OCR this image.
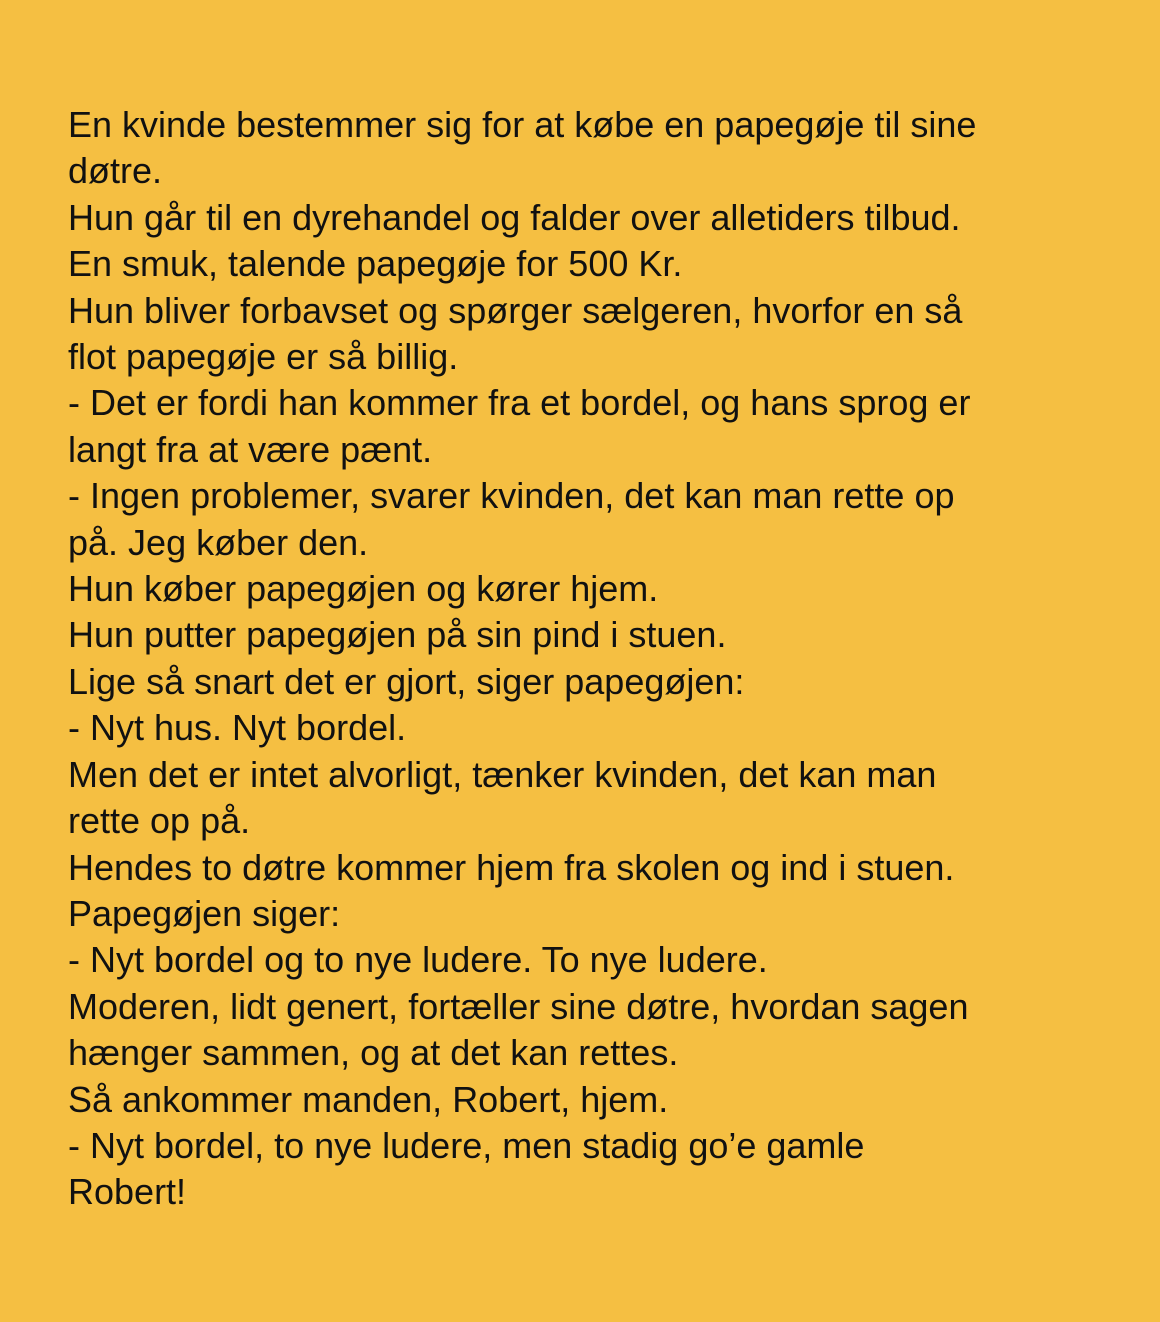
En kvinde bestemmer sig for at købe en papegøje til sine
døtre.
Hun går til en dyrehandel og falder over alletiders tilbud.
En smuk, talende papegøje for 500 Kr.
Hun bliver forbavset og spørger sælgeren, hvorfor en så
flot papegøje er så billig.
- Det er fordi han kommer fra et bordel, og hans sprog er
langt fra at være pænt.
- Ingen problemer, svarer kvinden, det kan man rette op
på. Jeg køber den.
Hun køber papegøjen og kører hjem.
Hun putter papegøjen på sin pind i stuen.
Lige så snart det er gjort, siger papegøjen:
- Nyt hus. Nyt bordel.
Men det er intet alvorligt, tænker kvinden, det kan man
rette op på.
Hendes to døtre kommer hjem fra skolen og ind i stuen.
Papegøjen siger:
- Nyt bordel og to nye ludere. To nye ludere.
Moderen, lidt genert, fortæller sine døtre, hvordan sagen
hænger sammen, og at det kan rettes.
Så ankommer manden, Robert, hjem.
- Nyt bordel, to nye ludere, men stadig go’e gamle
Robert!
